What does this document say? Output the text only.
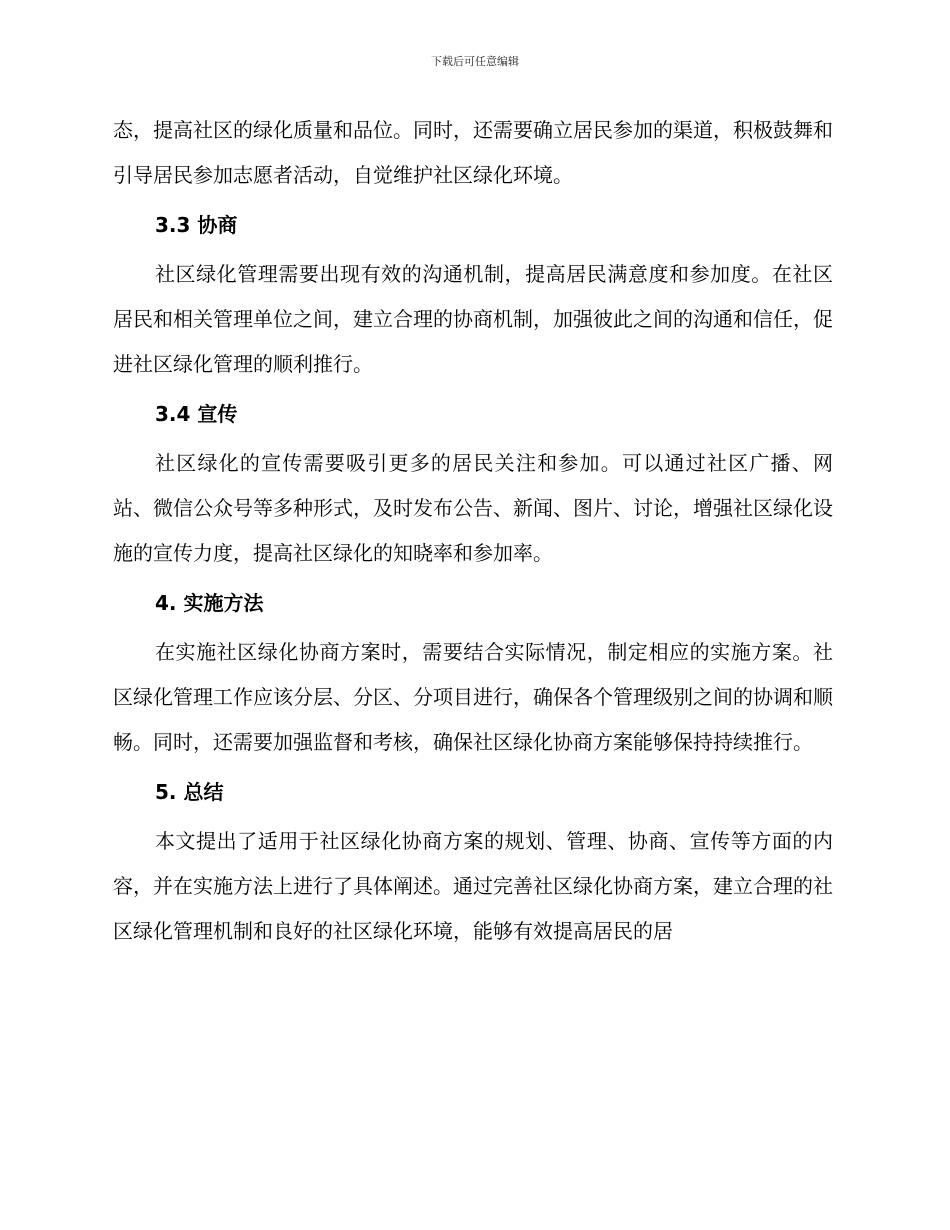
下载后可任意编辑

态，提高社区的绿化质量和品位。同时，还需要确立居民参加的渠道，积极鼓舞和引导居民参加志愿者活动，自觉维护社区绿化环境。

3.3 协商

社区绿化管理需要出现有效的沟通机制，提高居民满意度和参加度。在社区居民和相关管理单位之间，建立合理的协商机制，加强彼此之间的沟通和信任，促进社区绿化管理的顺利推行。

3.4 宣传

社区绿化的宣传需要吸引更多的居民关注和参加。可以通过社区广播、网站、微信公众号等多种形式，及时发布公告、新闻、图片、讨论，增强社区绿化设施的宣传力度，提高社区绿化的知晓率和参加率。

4. 实施方法

在实施社区绿化协商方案时，需要结合实际情况，制定相应的实施方案。社区绿化管理工作应该分层、分区、分项目进行，确保各个管理级别之间的协调和顺畅。同时，还需要加强监督和考核，确保社区绿化协商方案能够保持持续推行。

5. 总结

本文提出了适用于社区绿化协商方案的规划、管理、协商、宣传等方面的内容，并在实施方法上进行了具体阐述。通过完善社区绿化协商方案，建立合理的社区绿化管理机制和良好的社区绿化环境，能够有效提高居民的居
